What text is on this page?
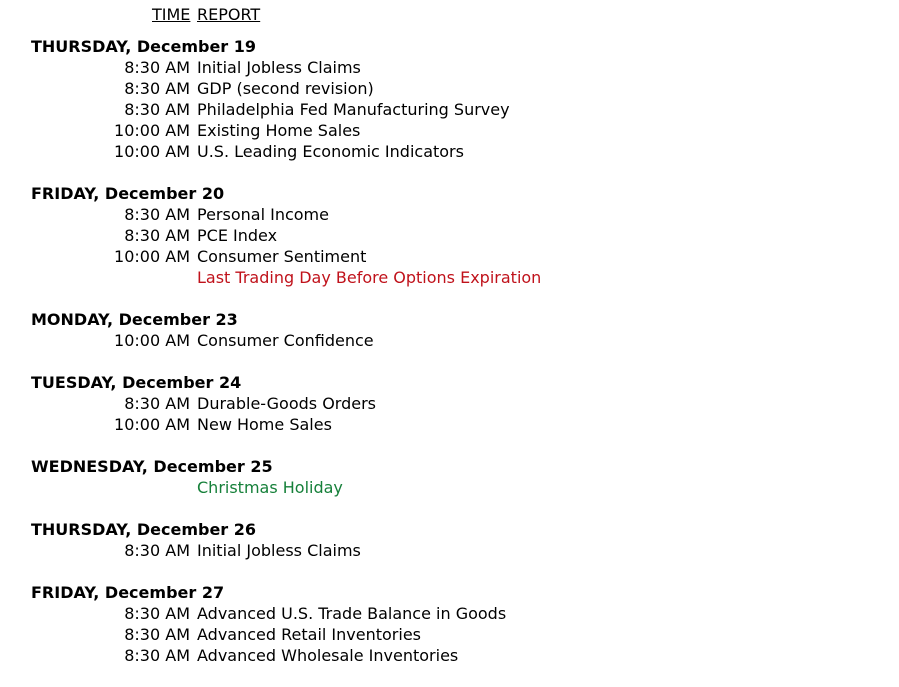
TIME REPORT
THURSDAY, December 19
8:30 AM Initial Jobless Claims
8:30 AM GDP (second revision)
8:30 AM Philadelphia Fed Manufacturing Survey
10:00 AM Existing Home Sales
10:00 AM U.S. Leading Economic Indicators
FRIDAY, December 20
8:30 AM Personal Income
8:30 AM PCE Index
10:00 AM Consumer Sentiment
Last Trading Day Before Options Expiration
MONDAY, December 23
10:00 AM Consumer Confidence
TUESDAY, December 24
8:30 AM Durable-Goods Orders
10:00 AM New Home Sales
WEDNESDAY, December 25
Christmas Holiday
THURSDAY, December 26
8:30 AM Initial Jobless Claims
FRIDAY, December 27
8:30 AM Advanced U.S. Trade Balance in Goods
8:30 AM Advanced Retail Inventories
8:30 AM Advanced Wholesale Inventories
